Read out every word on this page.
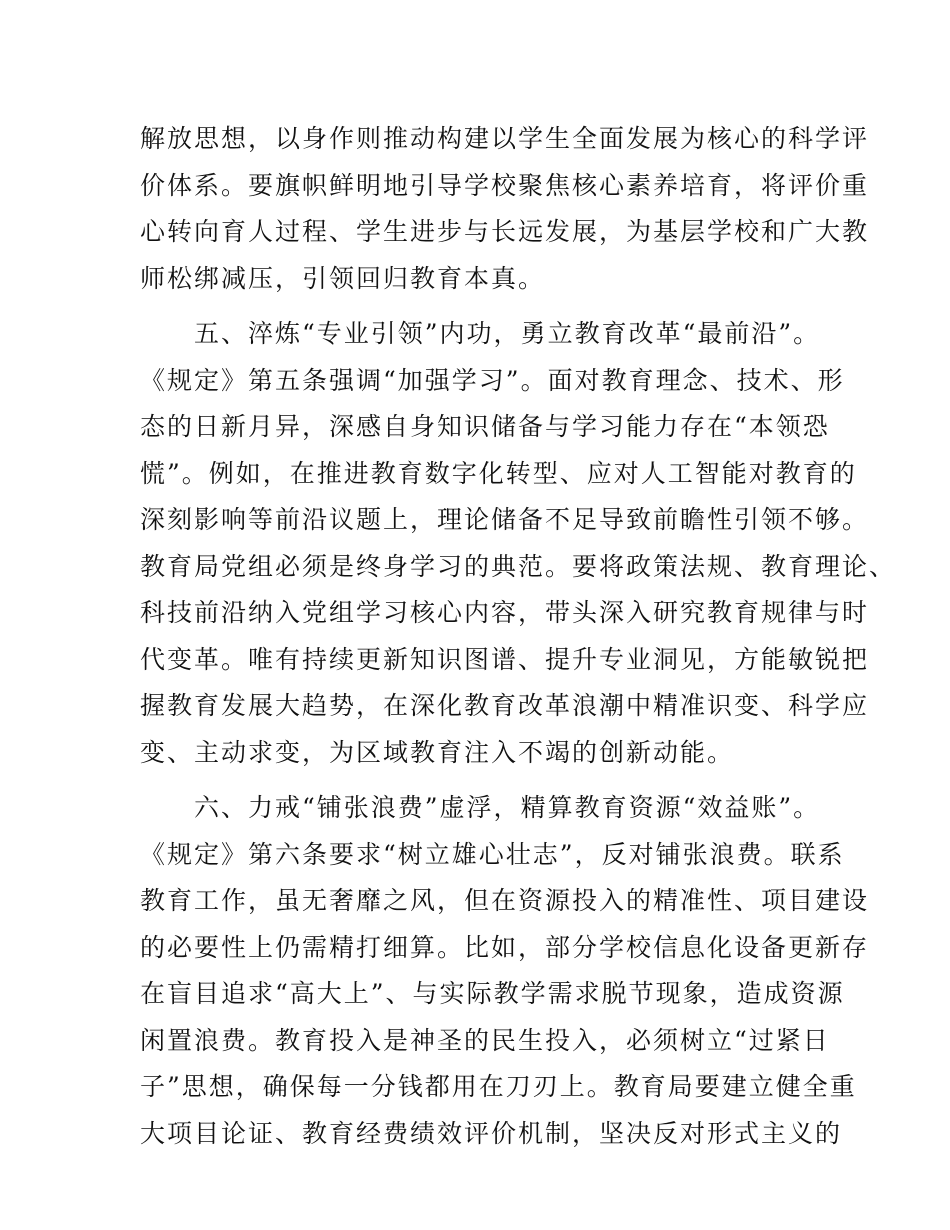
解放思想，以身作则推动构建以学生全面发展为核心的科学评
价体系。要旗帜鲜明地引导学校聚焦核心素养培育，将评价重
心转向育人过程、学生进步与长远发展，为基层学校和广大教
师松绑减压，引领回归教育本真。
五、淬炼“专业引领”内功，勇立教育改革“最前沿”。
《规定》第五条强调“加强学习”。面对教育理念、技术、形
态的日新月异，深感自身知识储备与学习能力存在“本领恐
慌”。例如，在推进教育数字化转型、应对人工智能对教育的
深刻影响等前沿议题上，理论储备不足导致前瞻性引领不够。
教育局党组必须是终身学习的典范。要将政策法规、教育理论、
科技前沿纳入党组学习核心内容，带头深入研究教育规律与时
代变革。唯有持续更新知识图谱、提升专业洞见，方能敏锐把
握教育发展大趋势，在深化教育改革浪潮中精准识变、科学应
变、主动求变，为区域教育注入不竭的创新动能。
六、力戒“铺张浪费”虚浮，精算教育资源“效益账”。
《规定》第六条要求“树立雄心壮志”，反对铺张浪费。联系
教育工作，虽无奢靡之风，但在资源投入的精准性、项目建设
的必要性上仍需精打细算。比如，部分学校信息化设备更新存
在盲目追求“高大上”、与实际教学需求脱节现象，造成资源
闲置浪费。教育投入是神圣的民生投入，必须树立“过紧日
子”思想，确保每一分钱都用在刀刃上。教育局要建立健全重
大项目论证、教育经费绩效评价机制，坚决反对形式主义的
